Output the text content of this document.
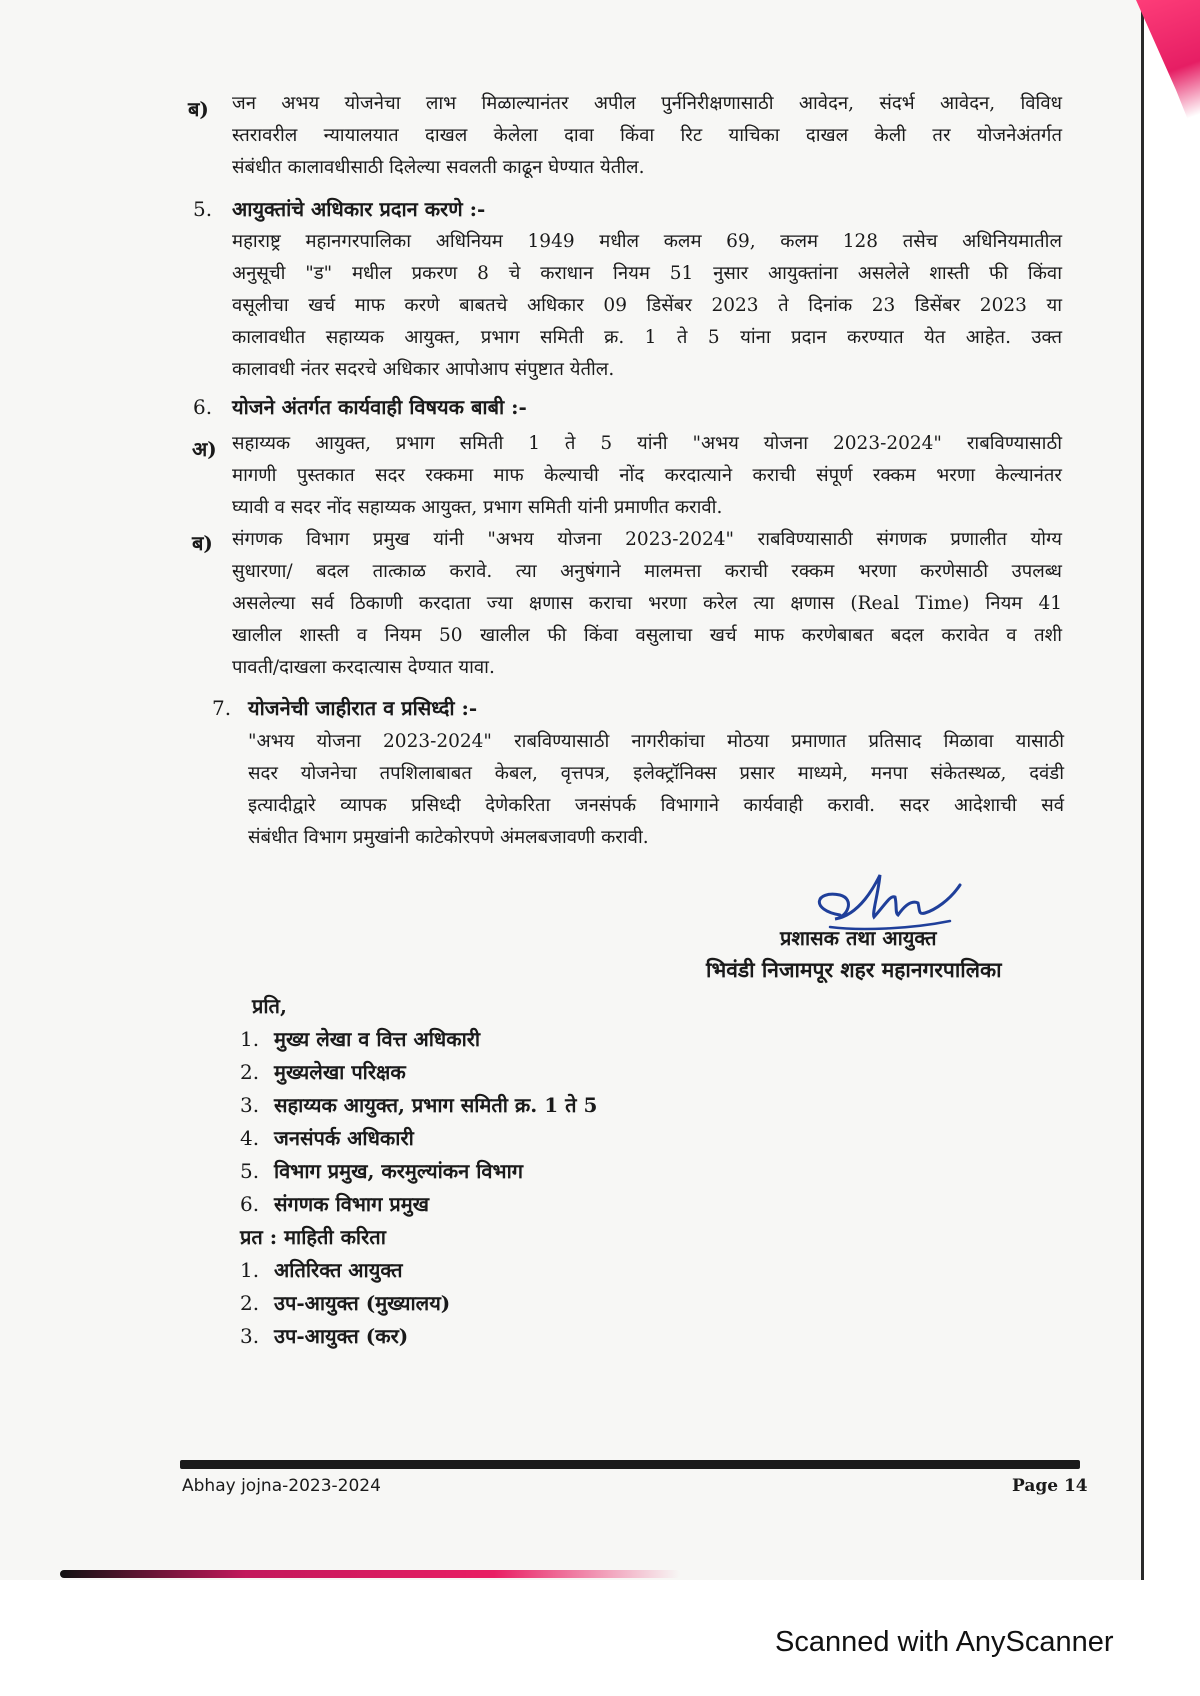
ब) जन अभय योजनेचा लाभ मिळाल्यानंतर अपील पुर्ननिरीक्षणासाठी आवेदन, संदर्भ आवेदन, विविध
स्तरावरील न्यायालयात दाखल केलेला दावा किंवा रिट याचिका दाखल केली तर योजनेअंतर्गत
संबंधीत कालावधीसाठी दिलेल्या सवलती काढून घेण्यात येतील.
5. आयुक्तांचे अधिकार प्रदान करणे :-
महाराष्ट्र महानगरपालिका अधिनियम 1949 मधील कलम 69, कलम 128 तसेच अधिनियमातील
अनुसूची "ड" मधील प्रकरण 8 चे कराधान नियम 51 नुसार आयुक्तांना असलेले शास्ती फी किंवा
वसूलीचा खर्च माफ करणे बाबतचे अधिकार 09 डिसेंबर 2023 ते दिनांक 23 डिसेंबर 2023 या
कालावधीत सहाय्यक आयुक्त, प्रभाग समिती क्र. 1 ते 5 यांना प्रदान करण्यात येत आहेत. उक्त
कालावधी नंतर सदरचे अधिकार आपोआप संपुष्टात येतील.
6. योजने अंतर्गत कार्यवाही विषयक बाबी :-
अ) सहाय्यक आयुक्त, प्रभाग समिती 1 ते 5 यांनी "अभय योजना 2023-2024" राबविण्यासाठी
मागणी पुस्तकात सदर रक्कमा माफ केल्याची नोंद करदात्याने कराची संपूर्ण रक्कम भरणा केल्यानंतर
घ्यावी व सदर नोंद सहाय्यक आयुक्त, प्रभाग समिती यांनी प्रमाणीत करावी.
ब) संगणक विभाग प्रमुख यांनी "अभय योजना 2023-2024" राबविण्यासाठी संगणक प्रणालीत योग्य
सुधारणा/ बदल तात्काळ करावे. त्या अनुषंगाने मालमत्ता कराची रक्कम भरणा करणेसाठी उपलब्ध
असलेल्या सर्व ठिकाणी करदाता ज्या क्षणास कराचा भरणा करेल त्या क्षणास (Real Time) नियम 41
खालील शास्ती व नियम 50 खालील फी किंवा वसुलाचा खर्च माफ करणेबाबत बदल करावेत व तशी
पावती/दाखला करदात्यास देण्यात यावा.
7. योजनेची जाहीरात व प्रसिध्दी :-
"अभय योजना 2023-2024" राबविण्यासाठी नागरीकांचा मोठया प्रमाणात प्रतिसाद मिळावा यासाठी
सदर योजनेचा तपशिलाबाबत केबल, वृत्तपत्र, इलेक्ट्रॉनिक्स प्रसार माध्यमे, मनपा संकेतस्थळ, दवंडी
इत्यादीद्वारे व्यापक प्रसिध्दी देणेकरिता जनसंपर्क विभागाने कार्यवाही करावी. सदर आदेशाची सर्व
संबंधीत विभाग प्रमुखांनी काटेकोरपणे अंमलबजावणी करावी.
प्रशासक तथा आयुक्त
भिवंडी निजामपूर शहर महानगरपालिका
प्रति,
1. मुख्य लेखा व वित्त अधिकारी
2. मुख्यलेखा परिक्षक
3. सहाय्यक आयुक्त, प्रभाग समिती क्र. 1 ते 5
4. जनसंपर्क अधिकारी
5. विभाग प्रमुख, करमुल्यांकन विभाग
6. संगणक विभाग प्रमुख
प्रत : माहिती करिता
1. अतिरिक्त आयुक्त
2. उप-आयुक्त (मुख्यालय)
3. उप-आयुक्त (कर)
Abhay jojna-2023-2024	Page 14
Scanned with AnyScanner
